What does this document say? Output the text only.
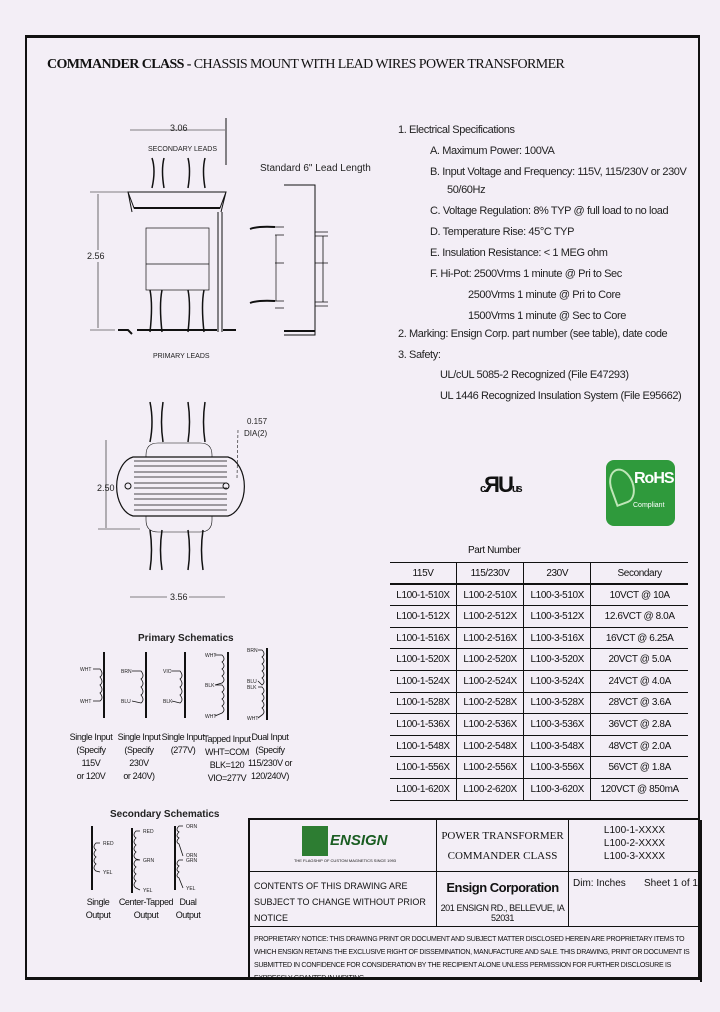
COMMANDER CLASS - CHASSIS MOUNT WITH LEAD WIRES POWER TRANSFORMER
3.06
SECONDARY LEADS
2.56
PRIMARY LEADS
Standard 6" Lead Length
2.50
3.56
0.157
DIA(2)
Primary Schematics
WHT
WHT
BRN
BLU
VIO
BLK
WHT
BLK
WHT
BRN
BLU
BLK
WHT
Secondary Schematics
RED
YEL
RED
GRN
YEL
ORN
ORN
GRN
YEL
Single Input
(Specify 115V
or 120V
Single Input
(Specify 230V
or 240V)
Single Input
(277V)
Tapped Input
WHT=COM
BLK=120
VIO=277V
Dual Input
(Specify
115/230V or
120/240V)
Single
Output
Center-Tapped
Output
Dual
Output
1. Electrical Specifications
A. Maximum Power: 100VA
B. Input Voltage and Frequency: 115V, 115/230V or 230V
50/60Hz
C. Voltage Regulation: 8% TYP @ full load to no load
D. Temperature Rise: 45°C TYP
E. Insulation Resistance: < 1 MEG ohm
F. Hi-Pot: 2500Vrms 1 minute @ Pri to Sec
2500Vrms 1 minute @ Pri to Core
1500Vrms 1 minute @ Sec to Core
2. Marking: Ensign Corp. part number (see table), date code
3. Safety:
UL/cUL 5085-2 Recognized (File E47293)
UL 1446 Recognized Insulation System (File E95662)
cЯUus
RoHS
Compliant
Part Number
115V	115/230V	230V	Secondary
L100-1-510X	L100-2-510X	L100-3-510X	10VCT @ 10A
L100-1-512X	L100-2-512X	L100-3-512X	12.6VCT @ 8.0A
L100-1-516X	L100-2-516X	L100-3-516X	16VCT @ 6.25A
L100-1-520X	L100-2-520X	L100-3-520X	20VCT @ 5.0A
L100-1-524X	L100-2-524X	L100-3-524X	24VCT @ 4.0A
L100-1-528X	L100-2-528X	L100-3-528X	28VCT @ 3.6A
L100-1-536X	L100-2-536X	L100-3-536X	36VCT @ 2.8A
L100-1-548X	L100-2-548X	L100-3-548X	48VCT @ 2.0A
L100-1-556X	L100-2-556X	L100-3-556X	56VCT @ 1.8A
L100-1-620X	L100-2-620X	L100-3-620X	120VCT @ 850mA
ENSIGN
THE FLAGSHIP OF CUSTOM MAGNETICS SINCE 1993
POWER TRANSFORMER
COMMANDER CLASS
L100-1-XXXX
L100-2-XXXX
L100-3-XXXX
CONTENTS OF THIS DRAWING ARE SUBJECT TO CHANGE WITHOUT PRIOR NOTICE
Ensign Corporation
201 ENSIGN RD., BELLEVUE, IA 52031
Dim: Inches Sheet 1 of 1
PROPRIETARY NOTICE: THIS DRAWING PRINT OR DOCUMENT AND SUBJECT MATTER DISCLOSED HEREIN ARE PROPRIETARY ITEMS TO WHICH ENSIGN RETAINS THE EXCLUSIVE RIGHT OF DISSEMINATION, MANUFACTURE AND SALE. THIS DRAWING, PRINT OR DOCUMENT IS SUBMITTED IN CONFIDENCE FOR CONSIDERATION BY THE RECIPIENT ALONE UNLESS PERMISSION FOR FURTHER DISCLOSURE IS EXPRESSLY GRANTED IN WRITING
